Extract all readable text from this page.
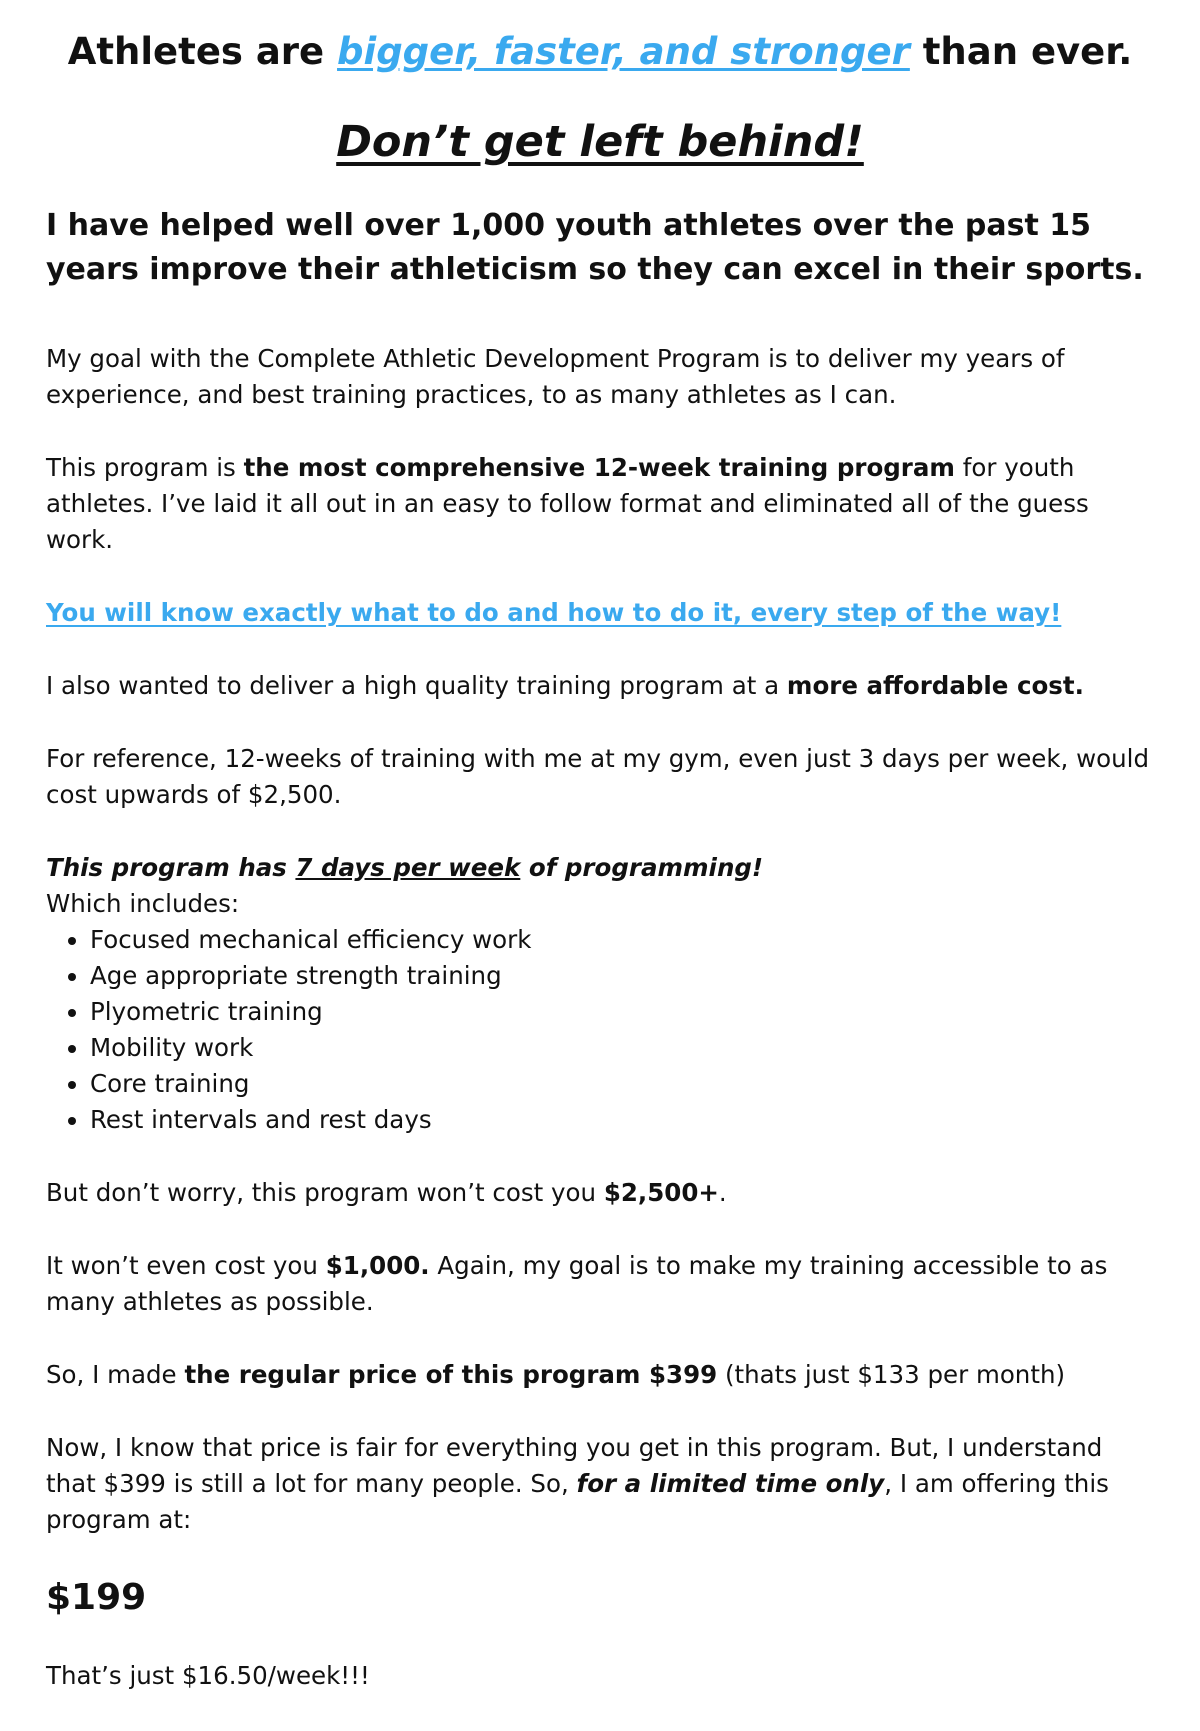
Athletes are bigger, faster, and stronger than ever.
Don’t get left behind!

I have helped well over 1,000 youth athletes over the past 15 years improve their athleticism so they can excel in their sports.

My goal with the Complete Athletic Development Program is to deliver my years of experience, and best training practices, to as many athletes as I can.

This program is the most comprehensive 12-week training program for youth athletes. I’ve laid it all out in an easy to follow format and eliminated all of the guess work.

You will know exactly what to do and how to do it, every step of the way!

I also wanted to deliver a high quality training program at a more affordable cost.

For reference, 12-weeks of training with me at my gym, even just 3 days per week, would cost upwards of $2,500.

This program has 7 days per week of programming!

Which includes:

• Focused mechanical efficiency work
• Age appropriate strength training
• Plyometric training
• Mobility work
• Core training
• Rest intervals and rest days

But don’t worry, this program won’t cost you $2,500+.

It won’t even cost you $1,000. Again, my goal is to make my training accessible to as many athletes as possible.

So, I made the regular price of this program $399 (thats just $133 per month)

Now, I know that price is fair for everything you get in this program. But, I understand that $399 is still a lot for many people. So, for a limited time only, I am offering this program at:

$199

That’s just $16.50/week!!!
